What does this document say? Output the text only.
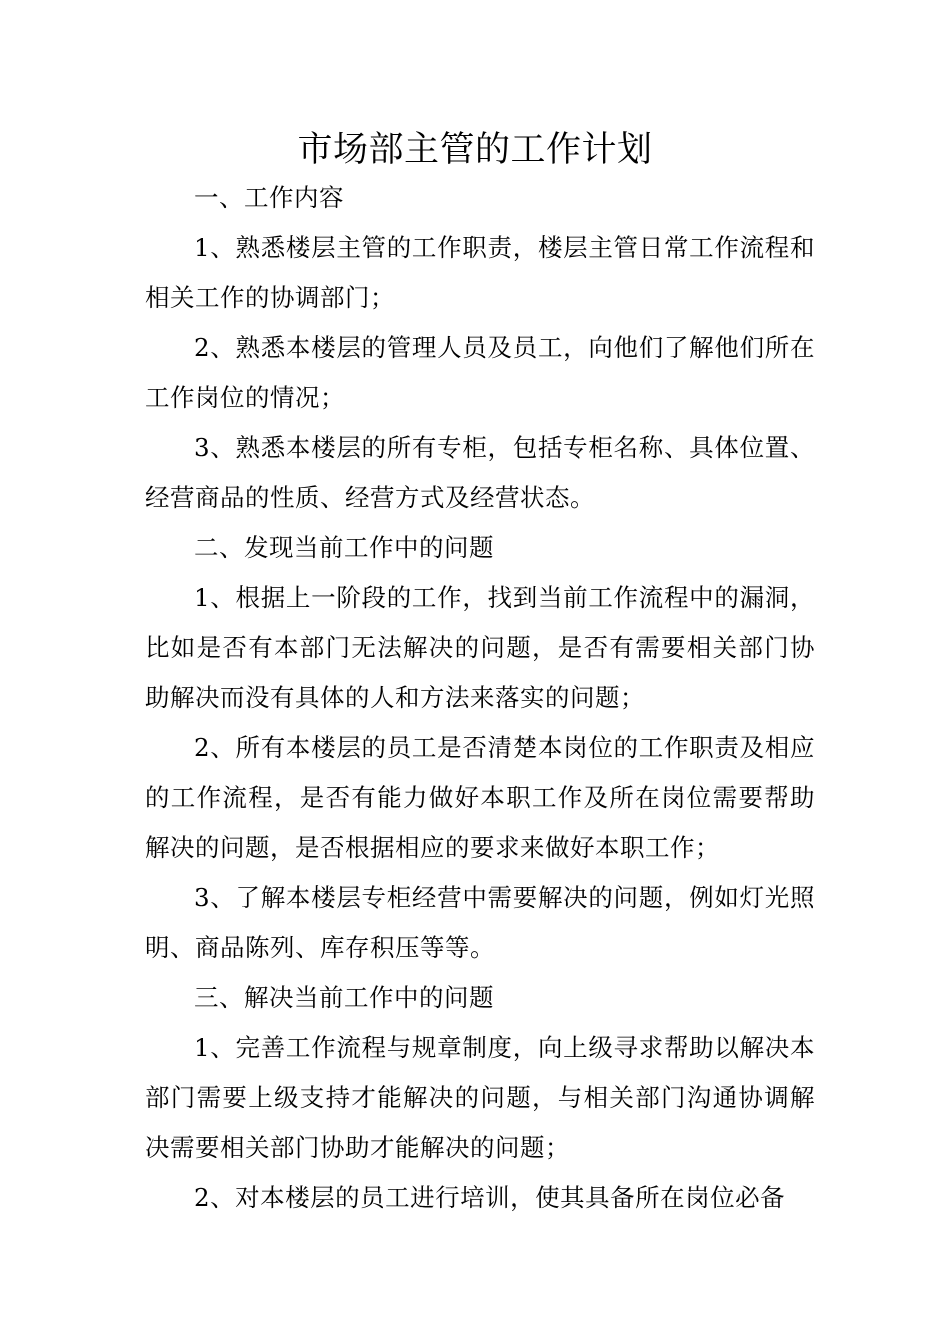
市场部主管的工作计划

一、工作内容

1、熟悉楼层主管的工作职责，楼层主管日常工作流程和相关工作的协调部门；

2、熟悉本楼层的管理人员及员工，向他们了解他们所在工作岗位的情况；

3、熟悉本楼层的所有专柜，包括专柜名称、具体位置、经营商品的性质、经营方式及经营状态。

二、发现当前工作中的问题

1、根据上一阶段的工作，找到当前工作流程中的漏洞，比如是否有本部门无法解决的问题，是否有需要相关部门协助解决而没有具体的人和方法来落实的问题；

2、所有本楼层的员工是否清楚本岗位的工作职责及相应的工作流程，是否有能力做好本职工作及所在岗位需要帮助解决的问题，是否根据相应的要求来做好本职工作；

3、了解本楼层专柜经营中需要解决的问题，例如灯光照明、商品陈列、库存积压等等。

三、解决当前工作中的问题

1、完善工作流程与规章制度，向上级寻求帮助以解决本部门需要上级支持才能解决的问题，与相关部门沟通协调解决需要相关部门协助才能解决的问题；

2、对本楼层的员工进行培训，使其具备所在岗位必备
